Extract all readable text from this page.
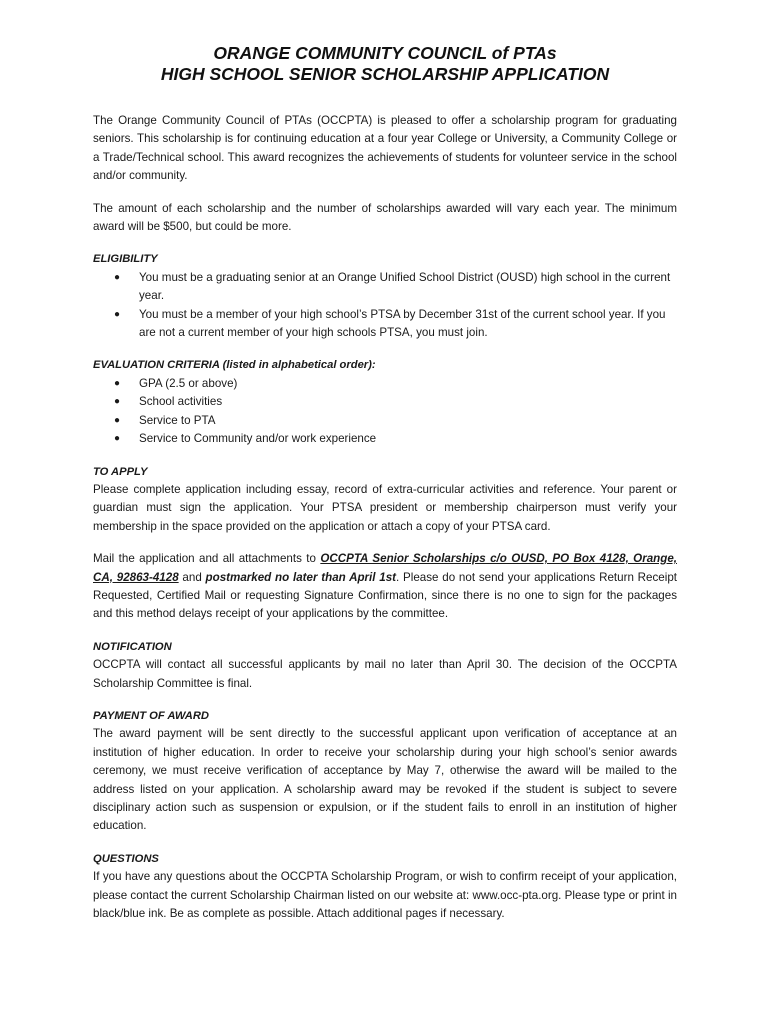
ORANGE COMMUNITY COUNCIL of PTAs
HIGH SCHOOL SENIOR SCHOLARSHIP APPLICATION

The Orange Community Council of PTAs (OCCPTA) is pleased to offer a scholarship program for graduating seniors. This scholarship is for continuing education at a four year College or University, a Community College or a Trade/Technical school. This award recognizes the achievements of students for volunteer service in the school and/or community.

The amount of each scholarship and the number of scholarships awarded will vary each year. The minimum award will be $500, but could be more.

ELIGIBILITY
● You must be a graduating senior at an Orange Unified School District (OUSD) high school in the current year.
● You must be a member of your high school’s PTSA by December 31st of the current school year. If you are not a current member of your high schools PTSA, you must join.
EVALUATION CRITERIA (listed in alphabetical order):
● GPA (2.5 or above)
● School activities
● Service to PTA
● Service to Community and/or work experience
TO APPLY

Please complete application including essay, record of extra-curricular activities and reference. Your parent or guardian must sign the application. Your PTSA president or membership chairperson must verify your membership in the space provided on the application or attach a copy of your PTSA card.

Mail the application and all attachments to OCCPTA Senior Scholarships c/o OUSD, PO Box 4128, Orange, CA, 92863-4128 and postmarked no later than April 1st. Please do not send your applications Return Receipt Requested, Certified Mail or requesting Signature Confirmation, since there is no one to sign for the packages and this method delays receipt of your applications by the committee.

NOTIFICATION

OCCPTA will contact all successful applicants by mail no later than April 30. The decision of the OCCPTA Scholarship Committee is final.

PAYMENT OF AWARD

The award payment will be sent directly to the successful applicant upon verification of acceptance at an institution of higher education. In order to receive your scholarship during your high school’s senior awards ceremony, we must receive verification of acceptance by May 7, otherwise the award will be mailed to the address listed on your application. A scholarship award may be revoked if the student is subject to severe disciplinary action such as suspension or expulsion, or if the student fails to enroll in an institution of higher education.

QUESTIONS

If you have any questions about the OCCPTA Scholarship Program, or wish to confirm receipt of your application, please contact the current Scholarship Chairman listed on our website at: www.occ-pta.org. Please type or print in black/blue ink. Be as complete as possible. Attach additional pages if necessary.
